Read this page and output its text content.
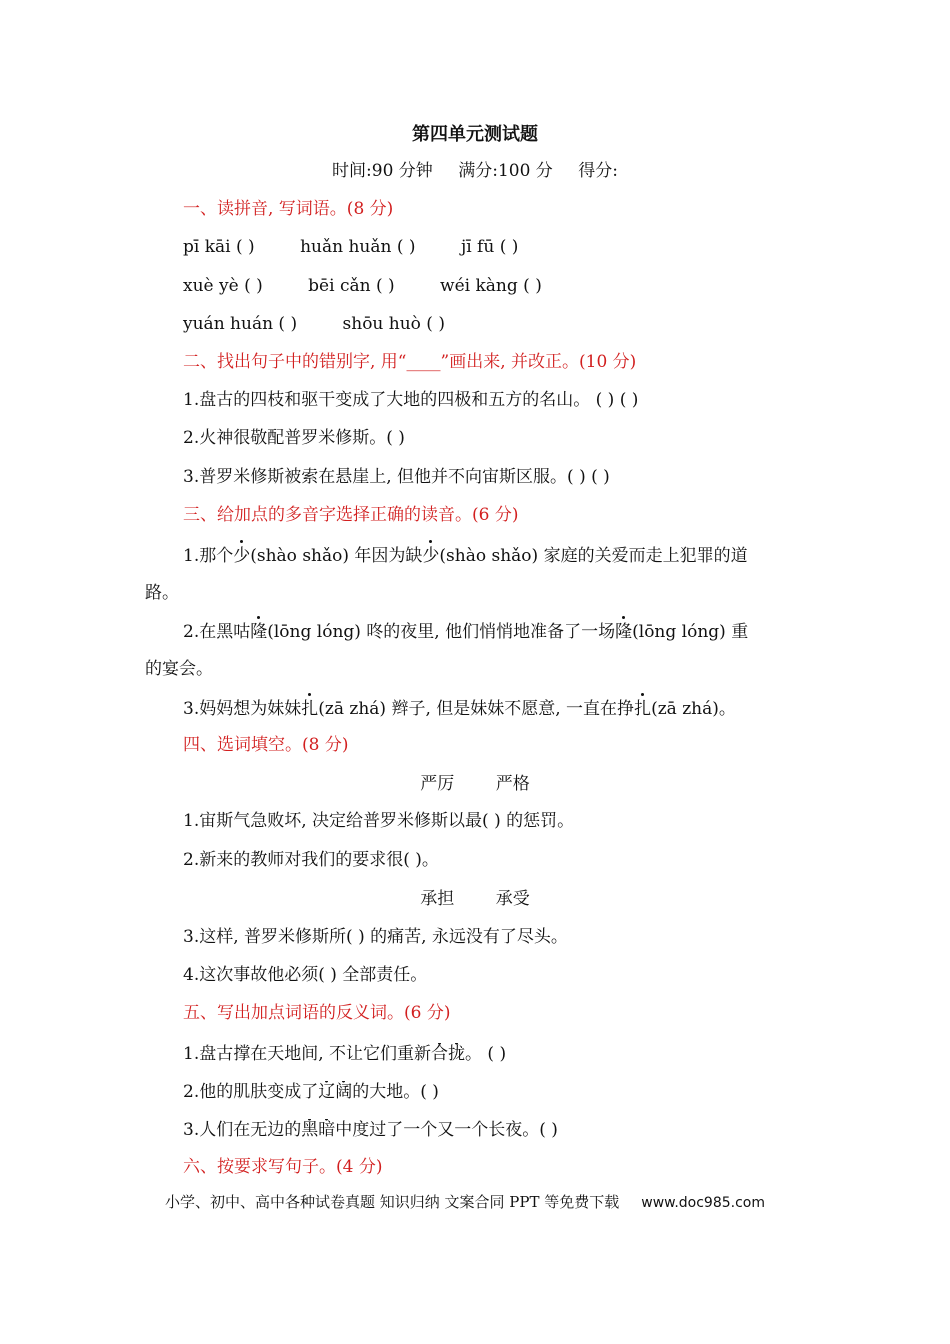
第四单元测试题
时间:90 分钟 满分:100 分 得分:
一、读拼音, 写词语。(8 分)
pī kāi ( )	huǎn huǎn ( )	jī fū ( )
xuè yè ( )	bēi cǎn ( )	wéi kàng ( )
yuán huán ( )	shōu huò ( )
二、找出句子中的错别字, 用“____”画出来, 并改正。(10 分)
1.盘古的四枝和驱干变成了大地的四极和五方的名山。 ( ) ( )
2.火神很敬配普罗米修斯。( )
3.普罗米修斯被索在悬崖上, 但他并不向宙斯区服。( ) ( )
三、给加点的多音字选择正确的读音。(6 分)
1.那个少(shào shǎo) 年因为缺少(shào shǎo) 家庭的关爱而走上犯罪的道
路。
2.在黑咕隆(lōng lóng) 咚的夜里, 他们悄悄地准备了一场隆(lōng lóng) 重
的宴会。
3.妈妈想为妹妹扎(zā zhá) 辫子, 但是妹妹不愿意, 一直在挣扎(zā zhá)。
四、选词填空。(8 分)
严厉 严格
1.宙斯气急败坏, 决定给普罗米修斯以最( ) 的惩罚。
2.新来的教师对我们的要求很( )。
承担 承受
3.这样, 普罗米修斯所( ) 的痛苦, 永远没有了尽头。
4.这次事故他必须( ) 全部责任。
五、写出加点词语的反义词。(6 分)
1.盘古撑在天地间, 不让它们重新合拢。 ( )
2.他的肌肤变成了辽阔的大地。( )
3.人们在无边的黑暗中度过了一个又一个长夜。( )
六、按要求写句子。(4 分)
小学、初中、高中各种试卷真题 知识归纳 文案合同 PPT 等免费下载 www.doc985.com
